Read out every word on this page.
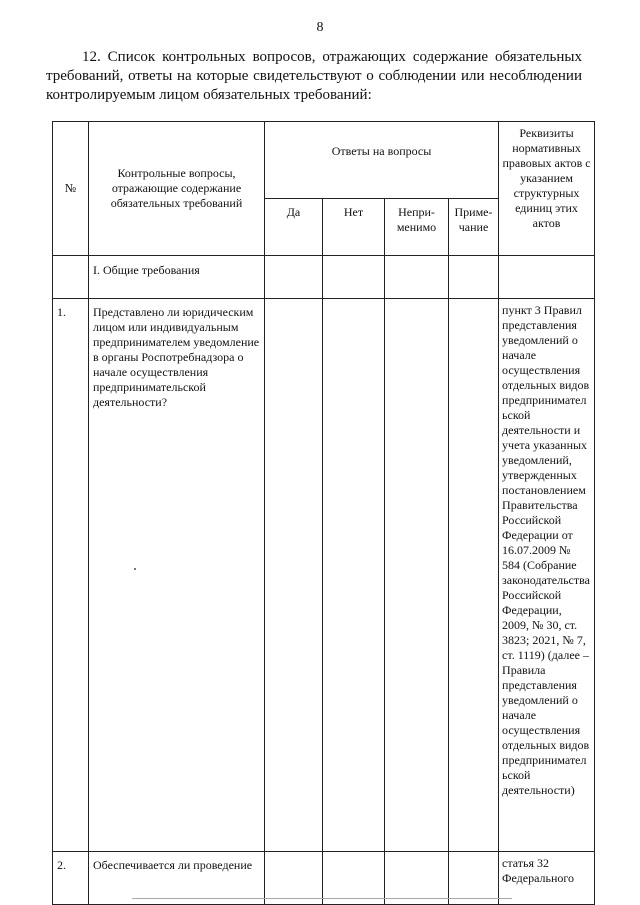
8
12. Список контрольных вопросов, отражающих содержание обязательных требований, ответы на которые свидетельствуют о соблюдении или несоблюдении контролируемым лицом обязательных требований:
№	Контрольные вопросы, отражающие содержание обязательных требований	Ответы на вопросы				Реквизиты нормативных правовых актов с указанием структурных единиц этих актов
		Да	Нет	Непри-менимо	Приме-чание	
	I. Общие требования					
1.	Представлено ли юридическим лицом или индивидуальным предпринимателем уведомление в органы Роспотребнадзора о начале осуществления предпринимательской деятельности?					пункт 3 Правил представления уведомлений о начале осуществления отдельных видов предпринимательской деятельности и учета указанных уведомлений, утвержденных постановлением Правительства Российской Федерации от 16.07.2009 № 584 (Собрание законодательства Российской Федерации, 2009, № 30, ст. 3823; 2021, № 7, ст. 1119) (далее – Правила представления уведомлений о начале осуществления отдельных видов предпринимательской деятельности)
2.	Обеспечивается ли проведение					статья 32 Федерального
